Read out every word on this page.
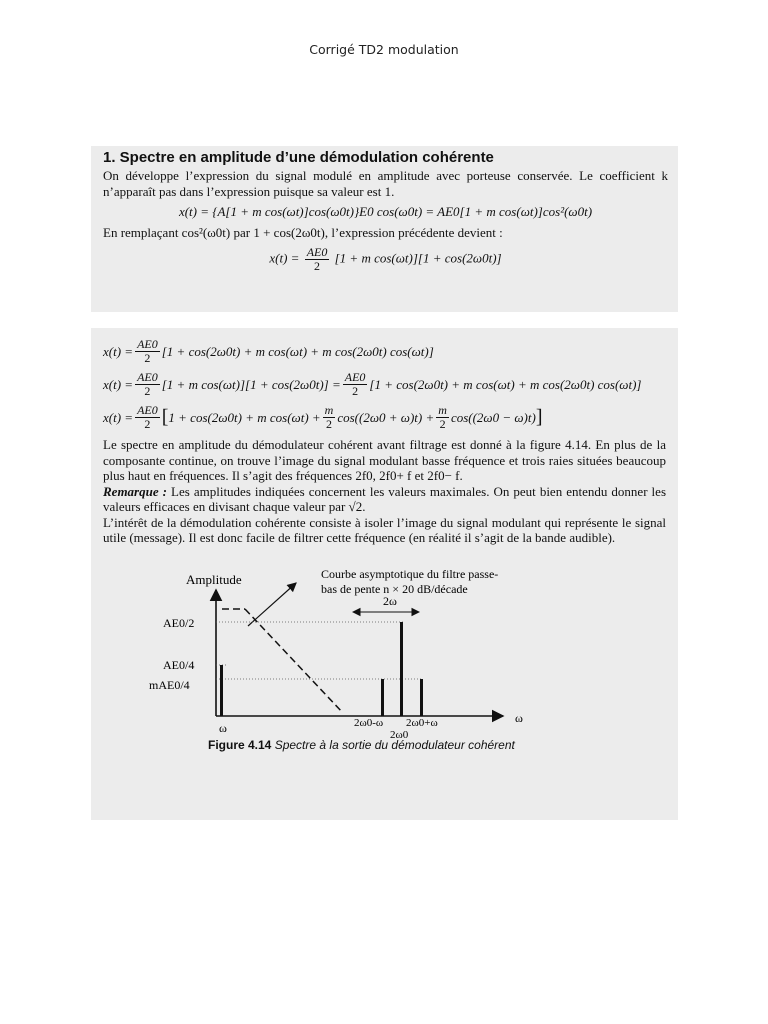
Corrigé TD2 modulation
1. Spectre en amplitude d’une démodulation cohérente

On développe l’expression du signal modulé en amplitude avec porteuse conservée. Le coefficient k n’apparaît pas dans l’expression puisque sa valeur est 1.

x(t) = {A[1 + m cos(ωt)]cos(ω0t)}E0 cos(ω0t) = AE0[1 + m cos(ωt)]cos²(ω0t)

En remplaçant cos²(ω0t) par 1 + cos(2ω0t), l’expression précédente devient :

$x(t) = \frac{AE0}{2} [1 + m$ cos(ωt)][1 + cos(2ω0t)]
$x(t) = \frac{AE0}{2} [1 + \cos(2\omega 0t) + m$ cos(ωt) + m cos(2ω0t) cos(ωt)]
$x(t) = \frac{AE0}{2} [1 + m$ $\cos(\omega t)][1 + \cos(2\omega 0t)] = \frac{AE0}{2} [1 + \cos(2\omega 0t) + m$ cos(ωt) + m cos(2ω0t) cos(ωt)]
$x(t) = \frac{AE0}{2}$ [ 1 + cos(2ω0t) + m $\cos(\omega t) + \frac{m}{2} \cos((2\omega 0 + \omega)t) + \frac{m}{2} \cos((2\omega 0 - \omega)t)$ ]

Le spectre en amplitude du démodulateur cohérent avant filtrage est donné à la figure 4.14. En plus de la composante continue, on trouve l’image du signal modulant basse fréquence et trois raies situées beaucoup plus haut en fréquences. Il s’agit des fréquences 2f0, 2f0+ f et 2f0− f.

Remarque : Les amplitudes indiquées concernent les valeurs maximales. On peut bien entendu donner les valeurs efficaces en divisant chaque valeur par √2.

L’intérêt de la démodulation cohérente consiste à isoler l’image du signal modulant qui représente le signal utile (message). Il est donc facile de filtrer cette fréquence (en réalité il s’agit de la bande audible).

Amplitude
ω
Courbe asymptotique du filtre passe-
bas de pente n × 20 dB/décade
2ω
AE0/2
AE0/4
mAE0/4
ω	2ω0-ω 2ω0+ω
2ω0
Figure 4.14 Spectre à la sortie du démodulateur cohérent
